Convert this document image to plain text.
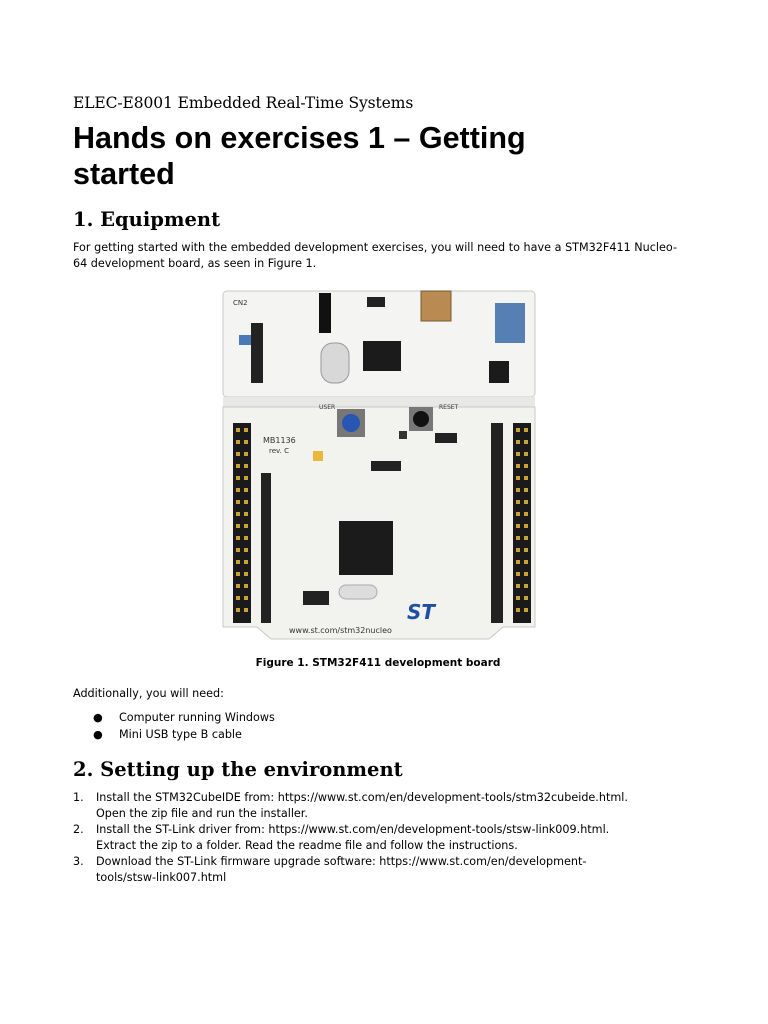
ELEC-E8001 Embedded Real-Time Systems
Hands on exercises 1 – Getting started
1. Equipment

For getting started with the embedded development exercises, you will need to have a STM32F411 Nucleo-64 development board, as seen in Figure 1.

CN2
MB1136
rev. C
USER	RESET
www.st.com/stm32nucleo
ST
Figure 1. STM32F411 development board

Additionally, you will need:

●	Computer running Windows
●	Mini USB type B cable
2. Setting up the environment
1.	Install the STM32CubeIDE from: https://www.st.com/en/development-tools/stm32cubeide.html.
Open the zip file and run the installer.
2.	Install the ST-Link driver from: https://www.st.com/en/development-tools/stsw-link009.html.
Extract the zip to a folder. Read the readme file and follow the instructions.
3.	Download the ST-Link firmware upgrade software: https://www.st.com/en/development-
tools/stsw-link007.html
